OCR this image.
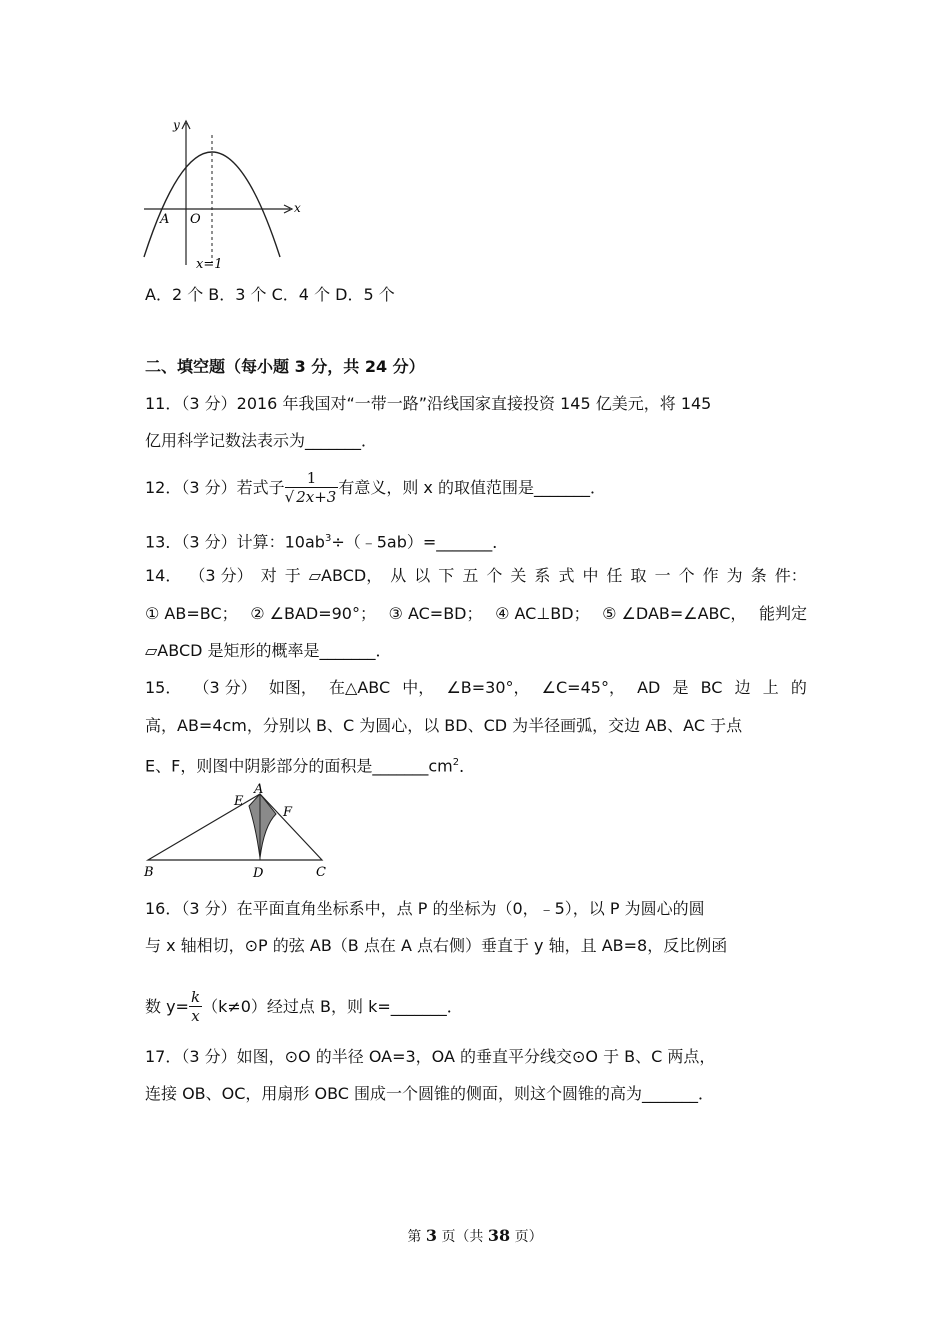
y
x
O
A
x=1
A．2 个 B．3 个 C．4 个 D．5 个
二、填空题（每小题 3 分，共 24 分）
11．（3 分）2016 年我国对“一带一路”沿线国家直接投资 145 亿美元，将 145
亿用科学记数法表示为_______．
12．（3 分）若式子 $\frac{1}{√ 2x+3}$ 有意义，则 x 的取值范围是_______．
13．（3 分）计算：$10ab^3\div(﹣5ab)=\_\_\_\_\_\_\_$．
14． （3 分） 对 于 ▱ABCD， 从 以 下 五 个 关 系 式 中 任 取 一 个 作 为 条 件：
① AB=BC； ② ∠BAD=90°； ③ AC=BD； ④ AC⊥BD； ⑤ ∠DAB=∠ABC， 能判定
▱ABCD 是矩形的概率是_______．
15． （3 分） 如图， 在△ABC 中， ∠B=30°， ∠C=45°， AD 是 BC 边 上 的
高，AB=4cm，分别以 B、C 为圆心，以 BD、CD 为半径画弧，交边 AB、AC 于点
E、F，则图中阴影部分的面积是$\_\_\_\_\_\_\_cm^2$．
A
B	C
D
E
F
16．（3 分）在平面直角坐标系中，点 P 的坐标为（0，﹣5），以 P 为圆心的圆
与 x 轴相切，⊙P 的弦 AB（B 点在 A 点右侧）垂直于 y 轴，且 AB=8，反比例函
数 $y= \frac{k}{x} (k\ne 0)$经过点 B，则 k=_______．
17．（3 分）如图，⊙O 的半径 OA=3，OA 的垂直平分线交⊙O 于 B、C 两点，
连接 OB、OC，用扇形 OBC 围成一个圆锥的侧面，则这个圆锥的高为_______．
第 3 页（共 38 页）
